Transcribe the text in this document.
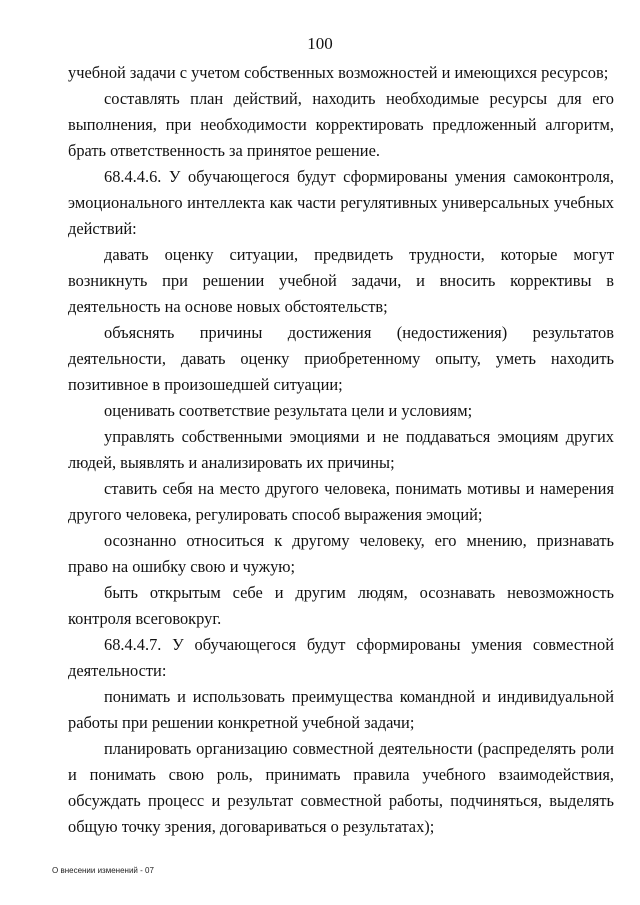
100

учебной задачи с учетом собственных возможностей и имеющихся ресурсов;

составлять план действий, находить необходимые ресурсы для его выполнения, при необходимости корректировать предложенный алгоритм, брать ответственность за принятое решение.

68.4.4.6. У обучающегося будут сформированы умения самоконтроля, эмоционального интеллекта как части регулятивных универсальных учебных действий:

давать оценку ситуации, предвидеть трудности, которые могут возникнуть при решении учебной задачи, и вносить коррективы в деятельность на основе новых обстоятельств;

объяснять причины достижения (недостижения) результатов деятельности, давать оценку приобретенному опыту, уметь находить позитивное в произошедшей ситуации;

оценивать соответствие результата цели и условиям;

управлять собственными эмоциями и не поддаваться эмоциям других людей, выявлять и анализировать их причины;

ставить себя на место другого человека, понимать мотивы и намерения другого человека, регулировать способ выражения эмоций;

осознанно относиться к другому человеку, его мнению, признавать право на ошибку свою и чужую;

быть открытым себе и другим людям, осознавать невозможность контроля всеговокруг.

68.4.4.7. У обучающегося будут сформированы умения совместной деятельности:

понимать и использовать преимущества командной и индивидуальной работы при решении конкретной учебной задачи;

планировать организацию совместной деятельности (распределять роли и понимать свою роль, принимать правила учебного взаимодействия, обсуждать процесс и результат совместной работы, подчиняться, выделять общую точку зрения, договариваться о результатах);

О внесении изменений - 07
